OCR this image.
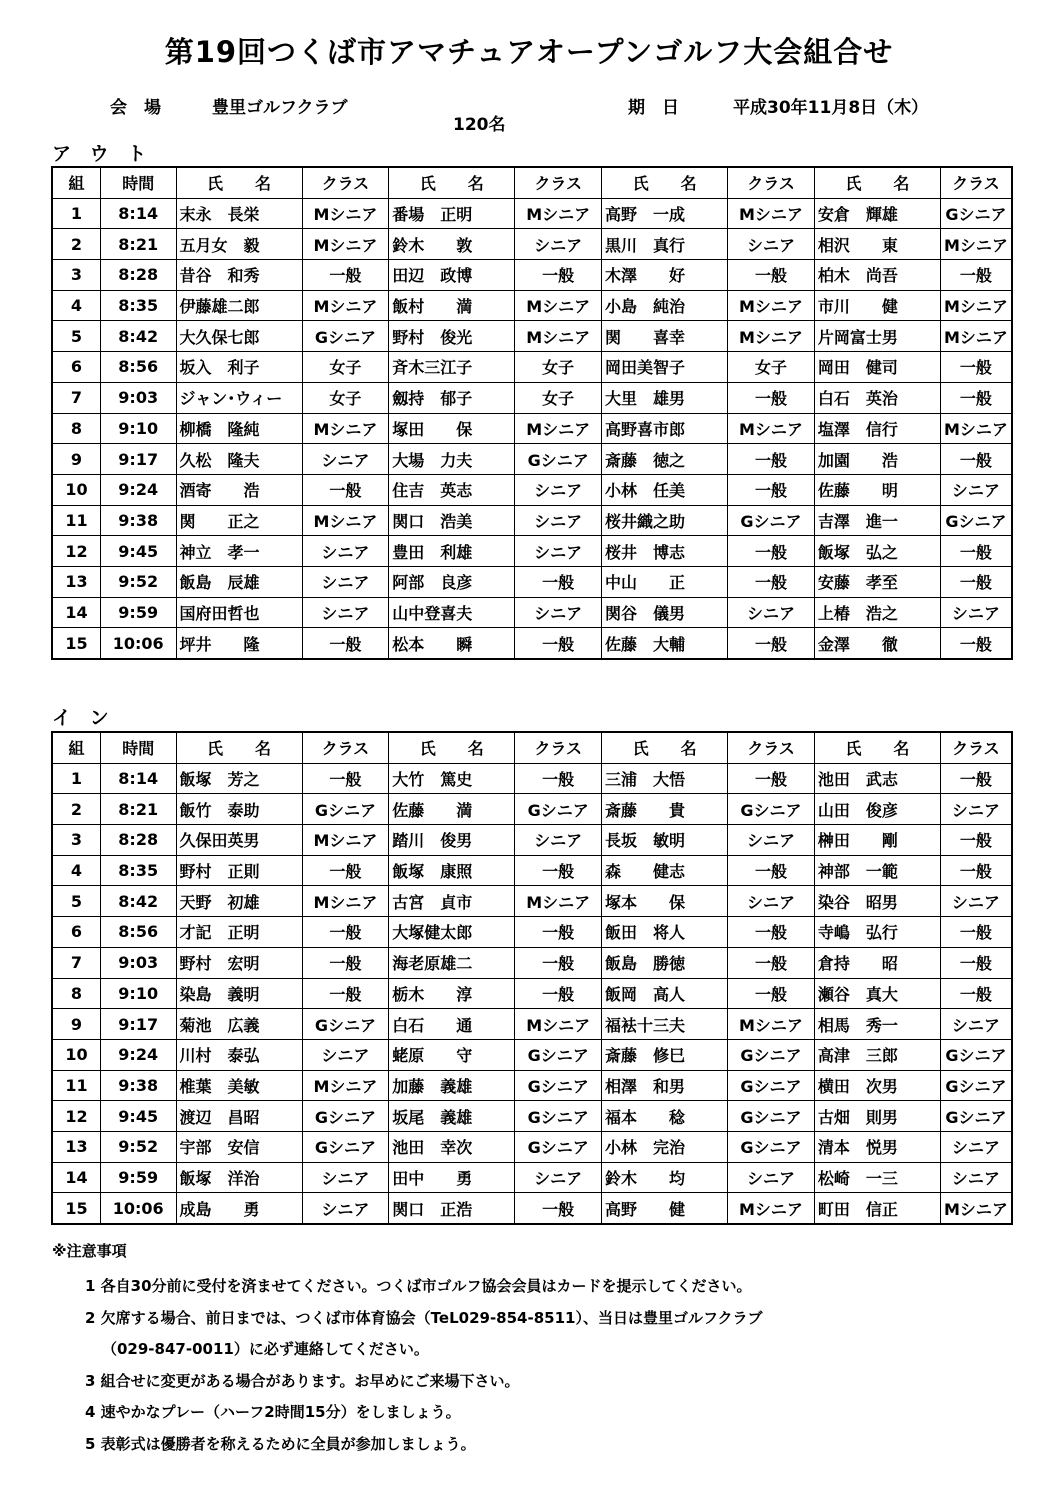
第19回つくば市アマチュアオープンゴルフ大会組合せ
会　場	豊里ゴルフクラブ
120名
期　日	平成30年11月8日（木）
ア ウ ト
組	時間	氏　　名	クラス	氏　　名	クラス	氏　　名	クラス	氏　　名	クラス
1	8:14	末永　長栄	Mシニア	番場　正明	Mシニア	高野　一成	Mシニア	安倉　輝雄	Gシニア
2	8:21	五月女　毅	Mシニア	鈴木　　敦	シニア	黒川　真行	シニア	相沢　　東	Mシニア
3	8:28	昔谷　和秀	一般	田辺　政博	一般	木澤　　好	一般	柏木　尚吾	一般
4	8:35	伊藤雄二郎	Mシニア	飯村　　満	Mシニア	小島　純治	Mシニア	市川　　健	Mシニア
5	8:42	大久保七郎	Gシニア	野村　俊光	Mシニア	関　　喜幸	Mシニア	片岡富士男	Mシニア
6	8:56	坂入　利子	女子	斉木三江子	女子	岡田美智子	女子	岡田　健司	一般
7	9:03	ジャン･ウィー	女子	劔持　郁子	女子	大里　雄男	一般	白石　英治	一般
8	9:10	柳橋　隆純	Mシニア	塚田　　保	Mシニア	高野喜市郎	Mシニア	塩澤　信行	Mシニア
9	9:17	久松　隆夫	シニア	大場　力夫	Gシニア	斎藤　徳之	一般	加園　　浩	一般
10	9:24	酒寄　　浩	一般	住吉　英志	シニア	小林　任美	一般	佐藤　　明	シニア
11	9:38	関　　正之	Mシニア	関口　浩美	シニア	桜井織之助	Gシニア	吉澤　進一	Gシニア
12	9:45	神立　孝一	シニア	豊田　利雄	シニア	桜井　博志	一般	飯塚　弘之	一般
13	9:52	飯島　辰雄	シニア	阿部　良彦	一般	中山　　正	一般	安藤　孝至	一般
14	9:59	国府田哲也	シニア	山中登喜夫	シニア	関谷　儀男	シニア	上椿　浩之	シニア
15	10:06	坪井　　隆	一般	松本　　瞬	一般	佐藤　大輔	一般	金澤　　徹	一般
イ ン
組	時間	氏　　名	クラス	氏　　名	クラス	氏　　名	クラス	氏　　名	クラス
1	8:14	飯塚　芳之	一般	大竹　篤史	一般	三浦　大悟	一般	池田　武志	一般
2	8:21	飯竹　泰助	Gシニア	佐藤　　満	Gシニア	斎藤　　貴	Gシニア	山田　俊彦	シニア
3	8:28	久保田英男	Mシニア	踏川　俊男	シニア	長坂　敏明	シニア	榊田　　剛	一般
4	8:35	野村　正則	一般	飯塚　康照	一般	森　　健志	一般	神部　一範	一般
5	8:42	天野　初雄	Mシニア	古宮　貞市	Mシニア	塚本　　保	シニア	染谷　昭男	シニア
6	8:56	才記　正明	一般	大塚健太郎	一般	飯田　将人	一般	寺嶋　弘行	一般
7	9:03	野村　宏明	一般	海老原雄二	一般	飯島　勝徳	一般	倉持　　昭	一般
8	9:10	染島　義明	一般	栃木　　淳	一般	飯岡　高人	一般	瀬谷　真大	一般
9	9:17	菊池　広義	Gシニア	白石　　通	Mシニア	福袪十三夫	Mシニア	相馬　秀一	シニア
10	9:24	川村　泰弘	シニア	蛯原　　守	Gシニア	斎藤　修巳	Gシニア	高津　三郎	Gシニア
11	9:38	椎葉　美敏	Mシニア	加藤　義雄	Gシニア	相澤　和男	Gシニア	横田　次男	Gシニア
12	9:45	渡辺　昌昭	Gシニア	坂尾　義雄	Gシニア	福本　　稔	Gシニア	古畑　則男	Gシニア
13	9:52	宇部　安信	Gシニア	池田　幸次	Gシニア	小林　完治	Gシニア	清本　悦男	シニア
14	9:59	飯塚　洋治	シニア	田中　　勇	シニア	鈴木　　均	シニア	松崎　一三	シニア
15	10:06	成島　　勇	シニア	関口　正浩	一般	高野　　健	Mシニア	町田　信正	Mシニア
※注意事項
1 各自30分前に受付を済ませてください。つくば市ゴルフ協会会員はカードを提示してください。
2 欠席する場合、前日までは、つくば市体育協会（TeL029-854-8511）、当日は豊里ゴルフクラブ
（029-847-0011）に必ず連絡してください。
3 組合せに変更がある場合があります。お早めにご来場下さい。
4 速やかなプレー（ハーフ2時間15分）をしましょう。
5 表彰式は優勝者を称えるために全員が参加しましょう。
